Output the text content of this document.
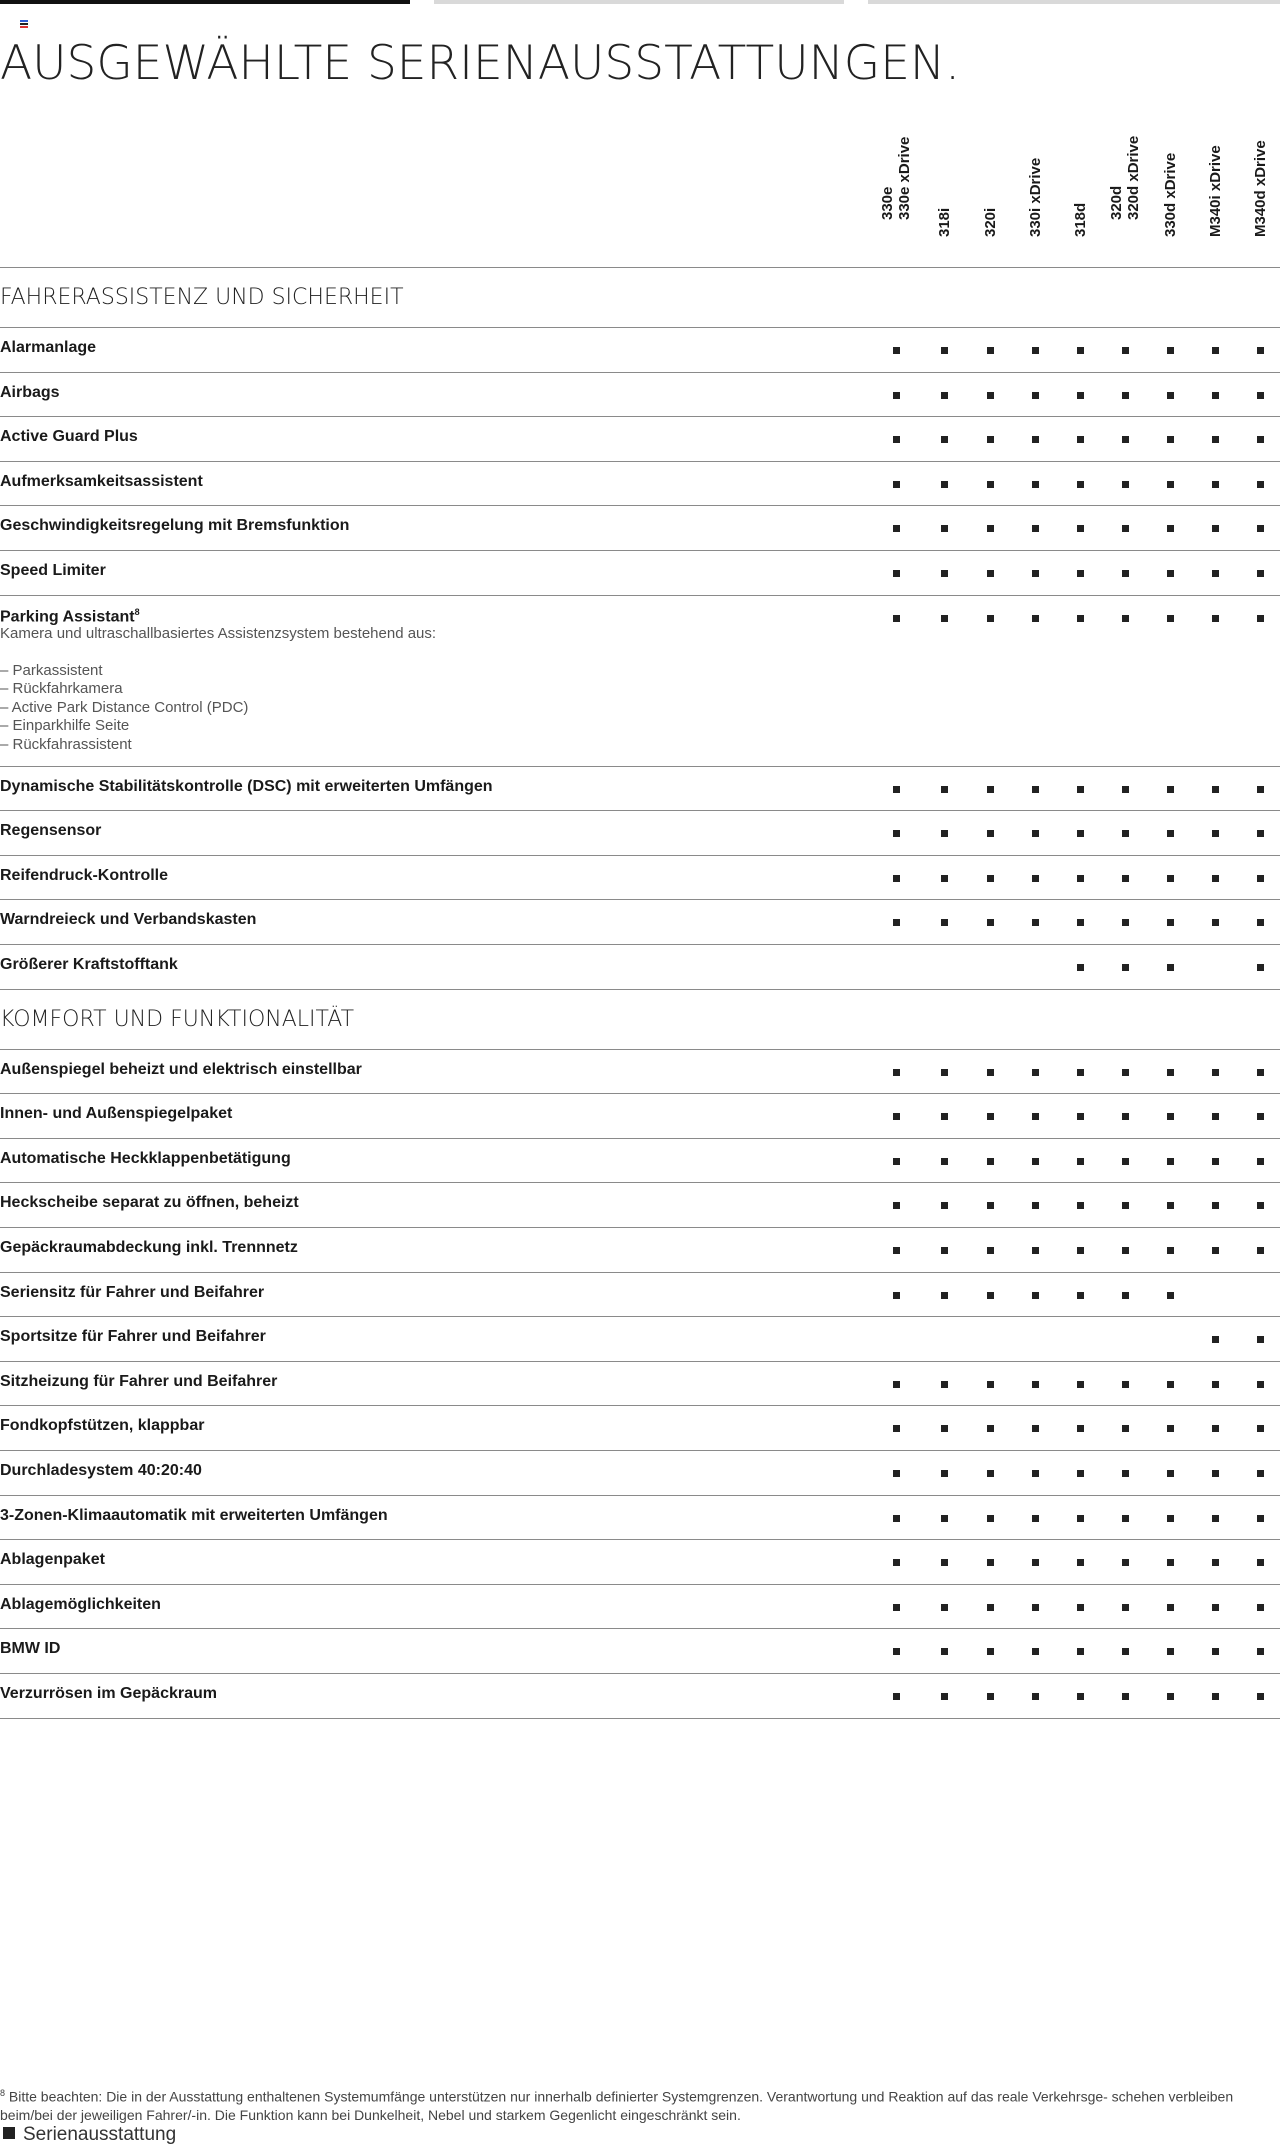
AUSGEWÄHLTE SERIENAUSSTATTUNGEN.
330e 330e xDrive
318i 320i 330i xDrive 318d 320d 320d xDrive 330d xDrive M340i xDrive M340d xDrive
FAHRERASSISTENZ UND SICHERHEIT
Alarmanlage
Airbags
Active Guard Plus
Aufmerksamkeitsassistent
Geschwindigkeitsregelung mit Bremsfunktion
Speed Limiter
Parking Assistant$^8$
Kamera und ultraschallbasiertes Assistenzsystem bestehend aus:
– Parkassistent
– Rückfahrkamera
– Active Park Distance Control (PDC)
– Einparkhilfe Seite
– Rückfahrassistent
Dynamische Stabilitätskontrolle (DSC) mit erweiterten Umfängen
Regensensor
Reifendruck-Kontrolle
Warndreieck und Verbandskasten
Größerer Kraftstofftank
KOMFORT UND FUNKTIONALITÄT
Außenspiegel beheizt und elektrisch einstellbar
Innen- und Außenspiegelpaket
Automatische Heckklappenbetätigung
Heckscheibe separat zu öffnen, beheizt
Gepäckraumabdeckung inkl. Trennnetz
Seriensitz für Fahrer und Beifahrer
Sportsitze für Fahrer und Beifahrer
Sitzheizung für Fahrer und Beifahrer
Fondkopfstützen, klappbar
Durchladesystem 40:20:40
3-Zonen-Klimaautomatik mit erweiterten Umfängen
Ablagenpaket
Ablagemöglichkeiten
BMW ID
Verzurrösen im Gepäckraum
$^8$ Bitte beachten: Die in der Ausstattung enthaltenen Systemumfänge unterstützen nur innerhalb definierter Systemgrenzen. Verantwortung und Reaktion auf das reale Verkehrsge- schehen verbleiben beim/bei der jeweiligen Fahrer/-in. Die Funktion kann bei Dunkelheit, Nebel und starkem Gegenlicht eingeschränkt sein.
Serienausstattung
